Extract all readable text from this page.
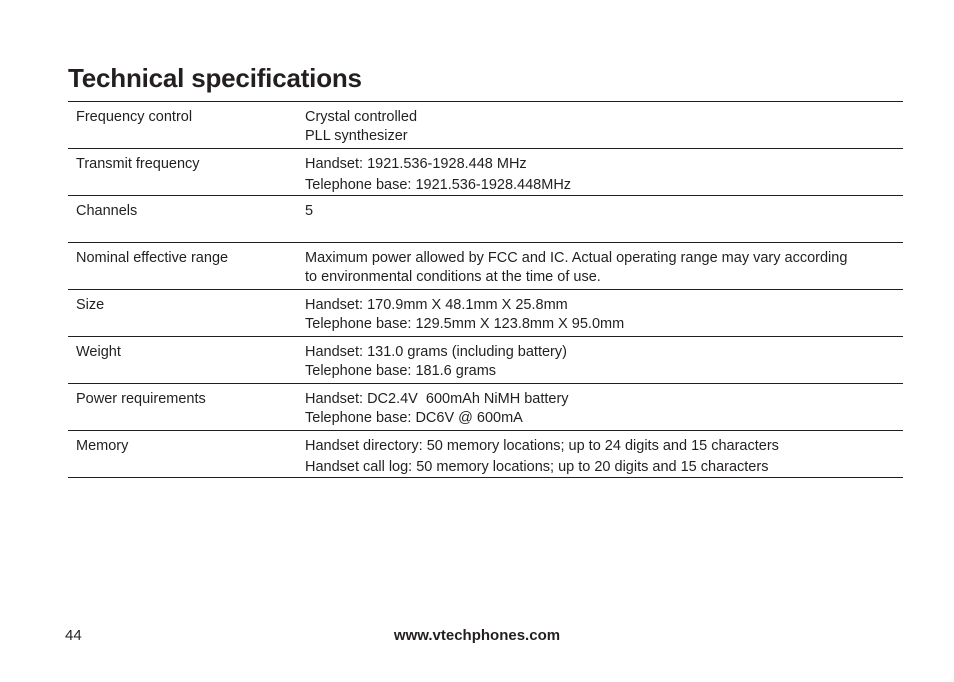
Technical specifications
Frequency control	Crystal controlled
PLL synthesizer
Transmit frequency	Handset: 1921.536-1928.448 MHz
Telephone base: 1921.536-1928.448MHz
Channels	5
Nominal effective range	Maximum power allowed by FCC and IC. Actual operating range may vary according
to environmental conditions at the time of use.
Size	Handset: 170.9mm X 48.1mm X 25.8mm
Telephone base: 129.5mm X 123.8mm X 95.0mm
Weight	Handset: 131.0 grams (including battery)
Telephone base: 181.6 grams
Power requirements	Handset: DC2.4V  600mAh NiMH battery
Telephone base: DC6V @ 600mA
Memory	Handset directory: 50 memory locations; up to 24 digits and 15 characters
Handset call log: 50 memory locations; up to 20 digits and 15 characters
44	www.vtechphones.com
